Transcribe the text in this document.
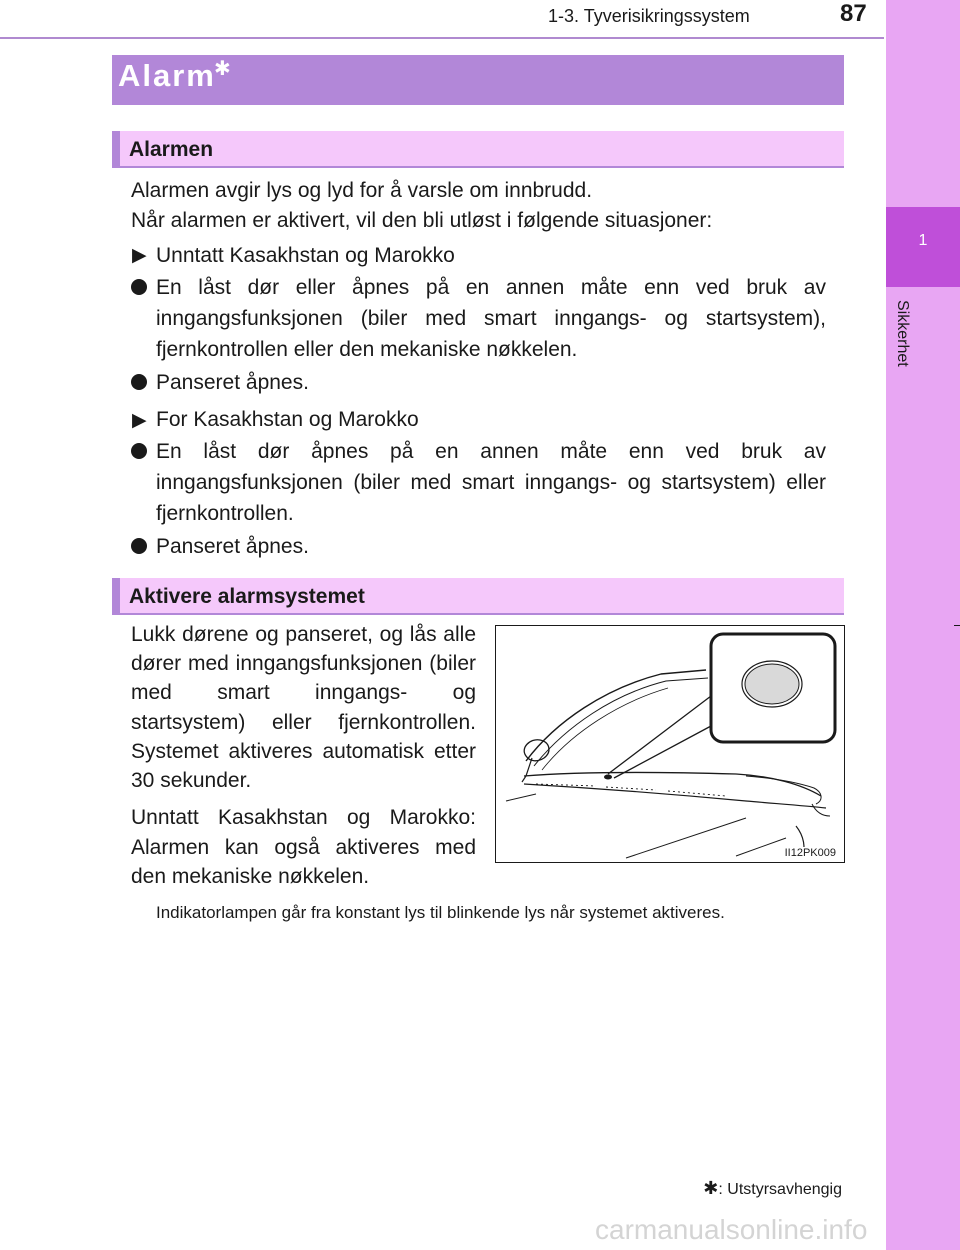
1-3. Tyverisikringssystem	87
1
Sikkerhet
Alarm
✱
Alarmen
Alarmen avgir lys og lyd for å varsle om innbrudd.
Når alarmen er aktivert, vil den bli utløst i følgende situasjoner:
▶ Unntatt Kasakhstan og Marokko
En låst dør eller åpnes på en annen måte enn ved bruk av inngangsfunksjonen (biler med smart inngangs- og startsystem), fjernkontrollen eller den mekaniske nøkkelen.
Panseret åpnes.
▶ For Kasakhstan og Marokko
En låst dør åpnes på en annen måte enn ved bruk av inngangsfunksjonen (biler med smart inngangs- og startsystem) eller fjernkontrollen.
Panseret åpnes.
Aktivere alarmsystemet
Lukk dørene og panseret, og lås alle dører med inngangsfunksjonen (biler med smart inngangs- og startsystem) eller fjernkontrollen. Systemet aktiveres automatisk etter 30 sekunder.
Unntatt Kasakhstan og Marokko: Alarmen kan også aktiveres med den mekaniske nøkkelen.
II12PK009
Indikatorlampen går fra konstant lys til blinkende lys når systemet aktiveres.
✱: Utstyrsavhengig
carmanualsonline.info
